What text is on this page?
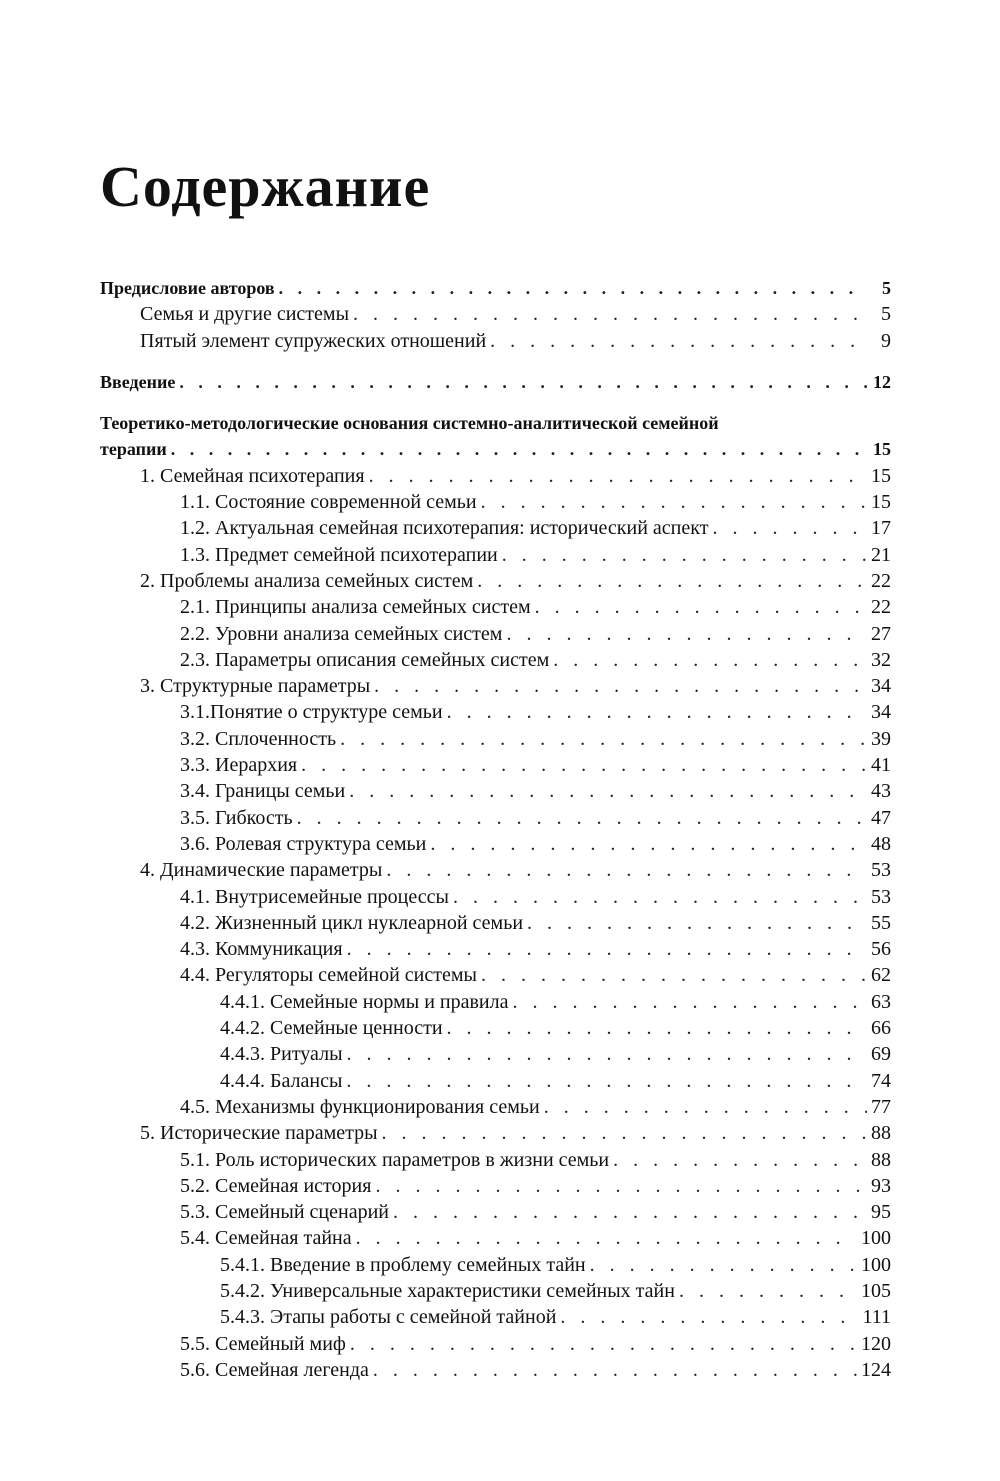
Содержание
Предисловие авторов . . .	5
Семья и другие системы . . .	5
Пятый элемент супружеских отношений . . .	9
Введение . . .	12
Теоретико-методологические основания системно-аналитической семейной
терапии . . .	15
1. Семейная психотерапия . . .	15
1.1. Состояние современной семьи . . .	15
1.2. Актуальная семейная психотерапия: исторический аспект . . .	17
1.3. Предмет семейной психотерапии . . .	21
2. Проблемы анализа семейных систем . . .	22
2.1. Принципы анализа семейных систем . . .	22
2.2. Уровни анализа семейных систем . . .	27
2.3. Параметры описания семейных систем . . .	32
3. Структурные параметры . . .	34
3.1.Понятие о структуре семьи . . .	34
3.2. Сплоченность . . .	39
3.3. Иерархия . . .	41
3.4. Границы семьи . . .	43
3.5. Гибкость . . .	47
3.6. Ролевая структура семьи . . .	48
4. Динамические параметры . . .	53
4.1. Внутрисемейные процессы . . .	53
4.2. Жизненный цикл нуклеарной семьи . . .	55
4.3. Коммуникация . . .	56
4.4. Регуляторы семейной системы . . .	62
4.4.1. Семейные нормы и правила . . .	63
4.4.2. Семейные ценности . . .	66
4.4.3. Ритуалы . . .	69
4.4.4. Балансы . . .	74
4.5. Механизмы функционирования семьи . . .	77
5. Исторические параметры . . .	88
5.1. Роль исторических параметров в жизни семьи . . .	88
5.2. Семейная история . . .	93
5.3. Семейный сценарий . . .	95
5.4. Семейная тайна . . .	100
5.4.1. Введение в проблему семейных тайн . . .	100
5.4.2. Универсальные характеристики семейных тайн . . .	105
5.4.3. Этапы работы с семейной тайной . . .	111
5.5. Семейный миф . . .	120
5.6. Семейная легенда . . .	124
